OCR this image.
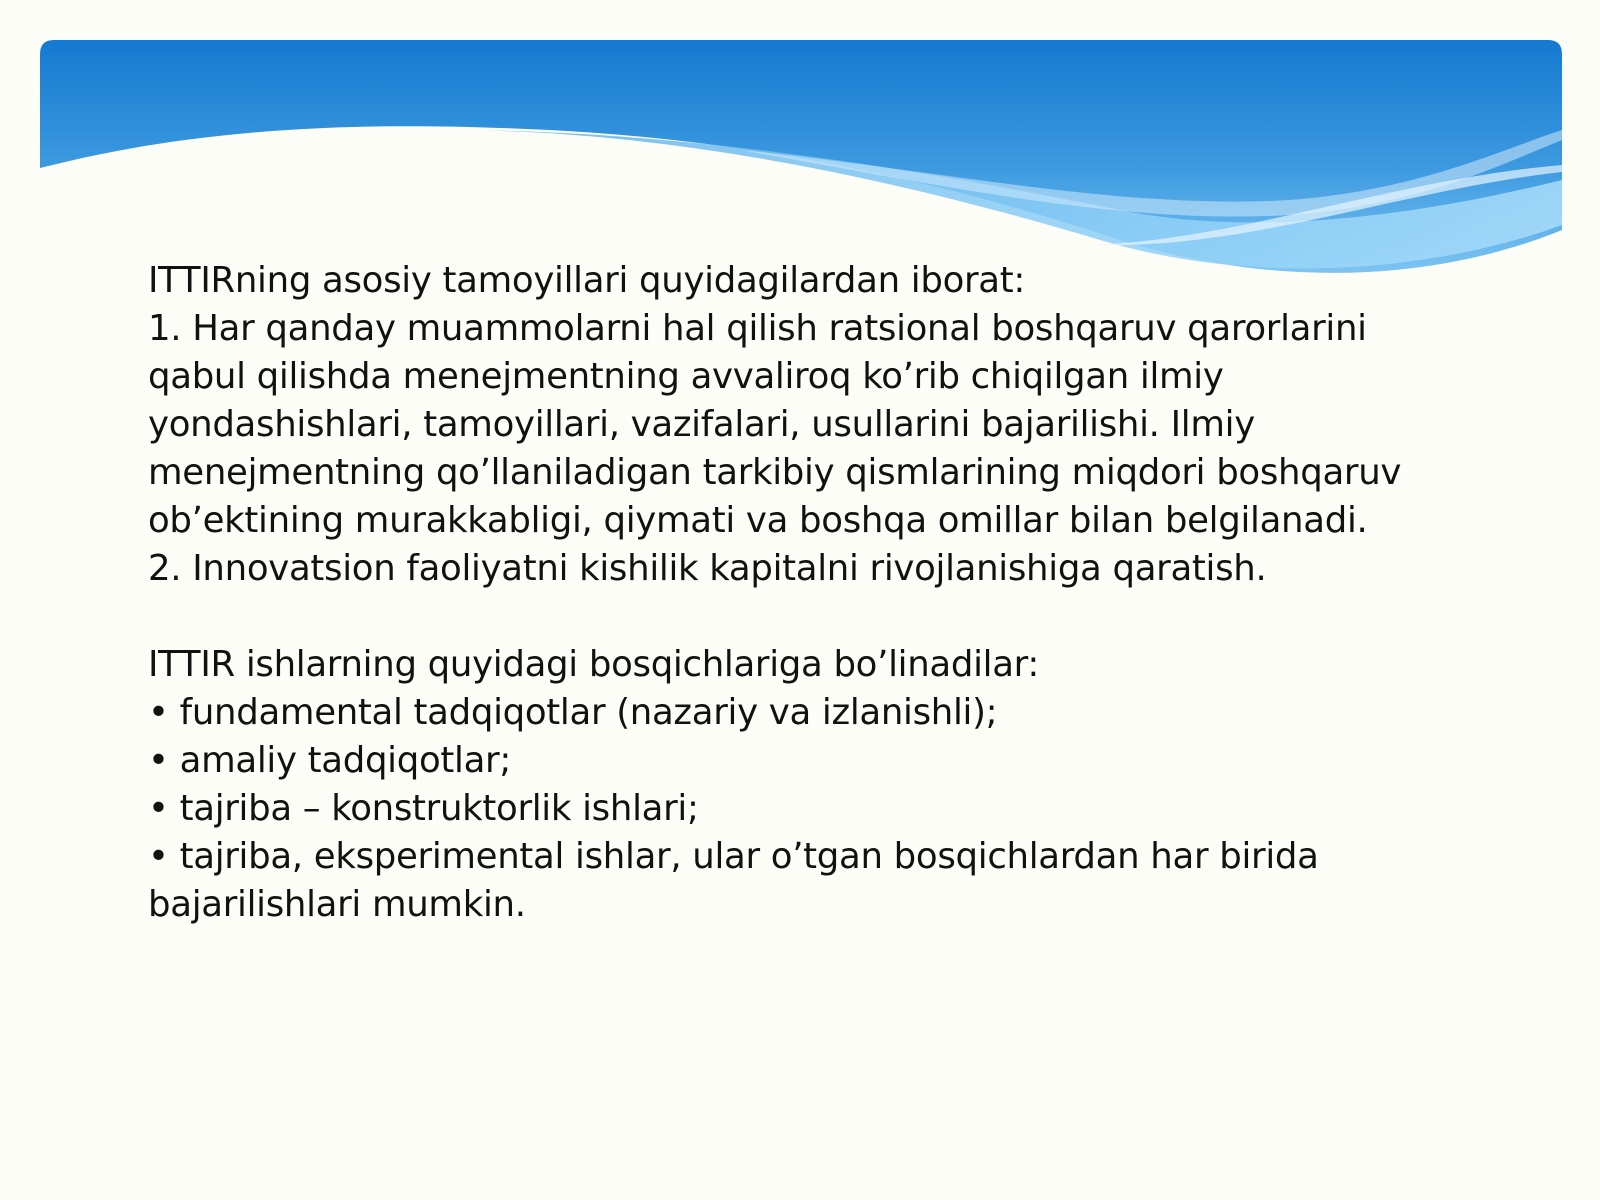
ITTIRning asosiy tamoyillari quyidagilardan iborat:

1. Har qanday muammolarni hal qilish ratsional boshqaruv qarorlarini qabul qilishda menejmentning avvaliroq ko’rib chiqilgan ilmiy yondashishlari, tamoyillari, vazifalari, usullarini bajarilishi. Ilmiy menejmentning qo’llaniladigan tarkibiy qismlarining miqdori boshqaruv ob’ektining murakkabligi, qiymati va boshqa omillar bilan belgilanadi.

2. Innovatsion faoliyatni kishilik kapitalni rivojlanishiga qaratish.

ITTIR ishlarning quyidagi bosqichlariga bo’linadilar:

• fundamental tadqiqotlar (nazariy va izlanishli);

• amaliy tadqiqotlar;

• tajriba – konstruktorlik ishlari;

• tajriba, eksperimental ishlar, ular o’tgan bosqichlardan har birida bajarilishlari mumkin.
